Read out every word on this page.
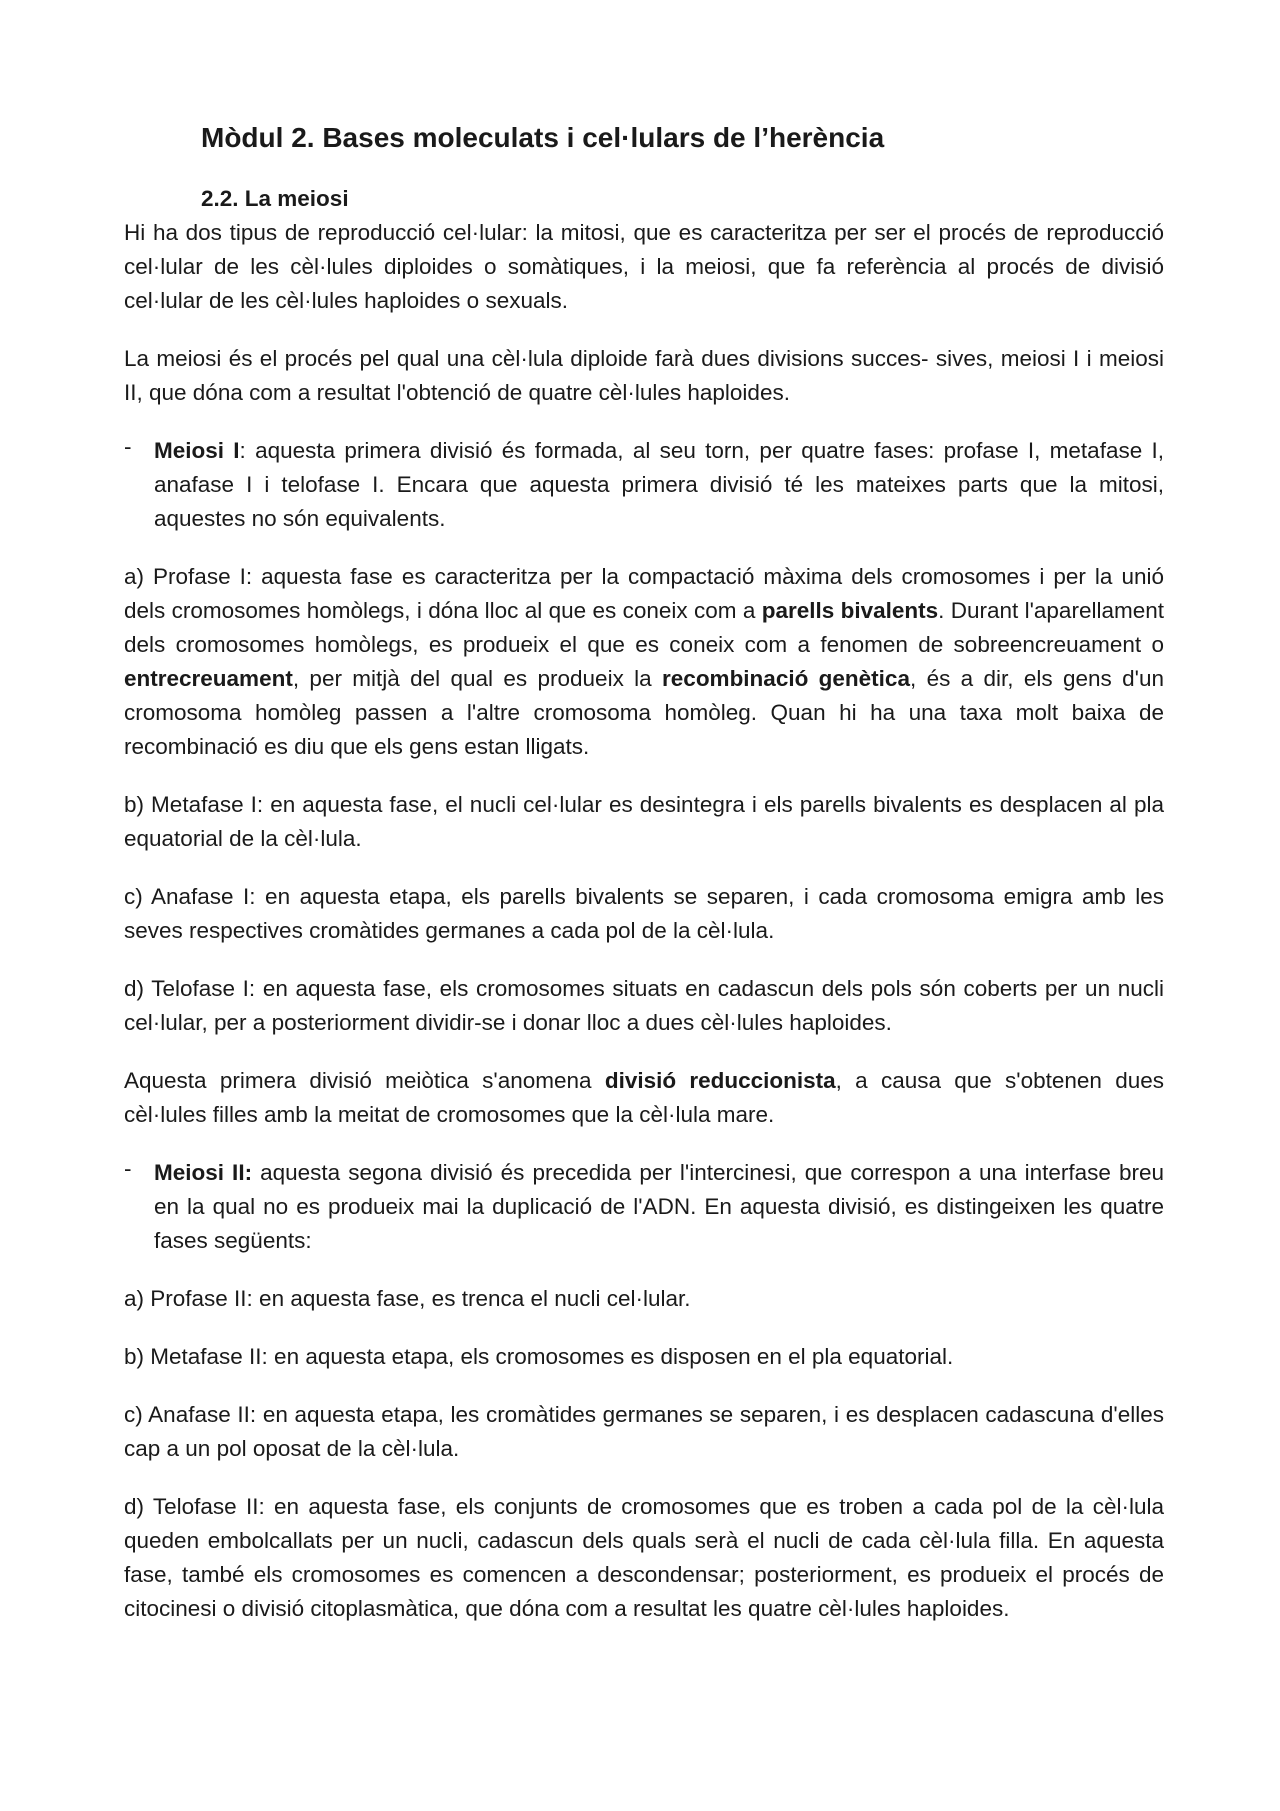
Mòdul 2. Bases moleculats i cel·lulars de l’herència
2.2. La meiosi

Hi ha dos tipus de reproducció cel·lular: la mitosi, que es caracteritza per ser el procés de reproducció cel·lular de les cèl·lules diploides o somàtiques, i la meiosi, que fa referència al procés de divisió cel·lular de les cèl·lules haploides o sexuals.

La meiosi és el procés pel qual una cèl·lula diploide farà dues divisions succes- sives, meiosi I i meiosi II, que dóna com a resultat l'obtenció de quatre cèl·lules haploides.

- Meiosi I: aquesta primera divisió és formada, al seu torn, per quatre fases: profase I, metafase I, anafase I i telofase I. Encara que aquesta primera divisió té les mateixes parts que la mitosi, aquestes no són equivalents.

a) Profase I: aquesta fase es caracteritza per la compactació màxima dels cromosomes i per la unió dels cromosomes homòlegs, i dóna lloc al que es coneix com a parells bivalents. Durant l'aparellament dels cromosomes homòlegs, es produeix el que es coneix com a fenomen de sobreencreuament o entrecreuament, per mitjà del qual es produeix la recombinació genètica, és a dir, els gens d'un cromosoma homòleg passen a l'altre cromosoma homòleg. Quan hi ha una taxa molt baixa de recombinació es diu que els gens estan lligats.

b) Metafase I: en aquesta fase, el nucli cel·lular es desintegra i els parells bivalents es desplacen al pla equatorial de la cèl·lula.

c) Anafase I: en aquesta etapa, els parells bivalents se separen, i cada cromosoma emigra amb les seves respectives cromàtides germanes a cada pol de la cèl·lula.

d) Telofase I: en aquesta fase, els cromosomes situats en cadascun dels pols són coberts per un nucli cel·lular, per a posteriorment dividir-se i donar lloc a dues cèl·lules haploides.

Aquesta primera divisió meiòtica s'anomena divisió reduccionista, a causa que s'obtenen dues cèl·lules filles amb la meitat de cromosomes que la cèl·lula mare.

- Meiosi II: aquesta segona divisió és precedida per l'intercinesi, que correspon a una interfase breu en la qual no es produeix mai la duplicació de l'ADN. En aquesta divisió, es distingeixen les quatre fases següents:

a) Profase II: en aquesta fase, es trenca el nucli cel·lular.

b) Metafase II: en aquesta etapa, els cromosomes es disposen en el pla equatorial.

c) Anafase II: en aquesta etapa, les cromàtides germanes se separen, i es desplacen cadascuna d'elles cap a un pol oposat de la cèl·lula.

d) Telofase II: en aquesta fase, els conjunts de cromosomes que es troben a cada pol de la cèl·lula queden embolcallats per un nucli, cadascun dels quals serà el nucli de cada cèl·lula filla. En aquesta fase, també els cromosomes es comencen a descondensar; posteriorment, es produeix el procés de citocinesi o divisió citoplasmàtica, que dóna com a resultat les quatre cèl·lules haploides.
